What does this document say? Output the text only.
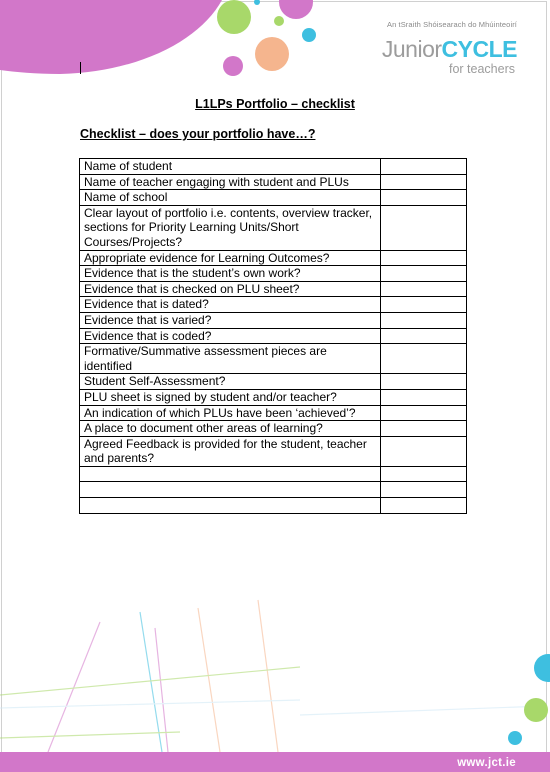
An tSraith Shóisearach do Mhúinteoirí
JuniorCYCLE
for teachers
L1LPs Portfolio – checklist
Checklist – does your portfolio have…?
Name of student	
Name of teacher engaging with student and PLUs	
Name of school	
Clear layout of portfolio i.e. contents, overview tracker, sections for Priority Learning Units/Short Courses/Projects?	
Appropriate evidence for Learning Outcomes?	
Evidence that is the student’s own work?	
Evidence that is checked on PLU sheet?	
Evidence that is dated?	
Evidence that is varied?	
Evidence that is coded?	
Formative/Summative assessment pieces are identified	
Student Self-Assessment?	
PLU sheet is signed by student and/or teacher?	
An indication of which PLUs have been ‘achieved’?	
A place to document other areas of learning?	
Agreed Feedback is provided for the student, teacher and parents?	

www.jct.ie
